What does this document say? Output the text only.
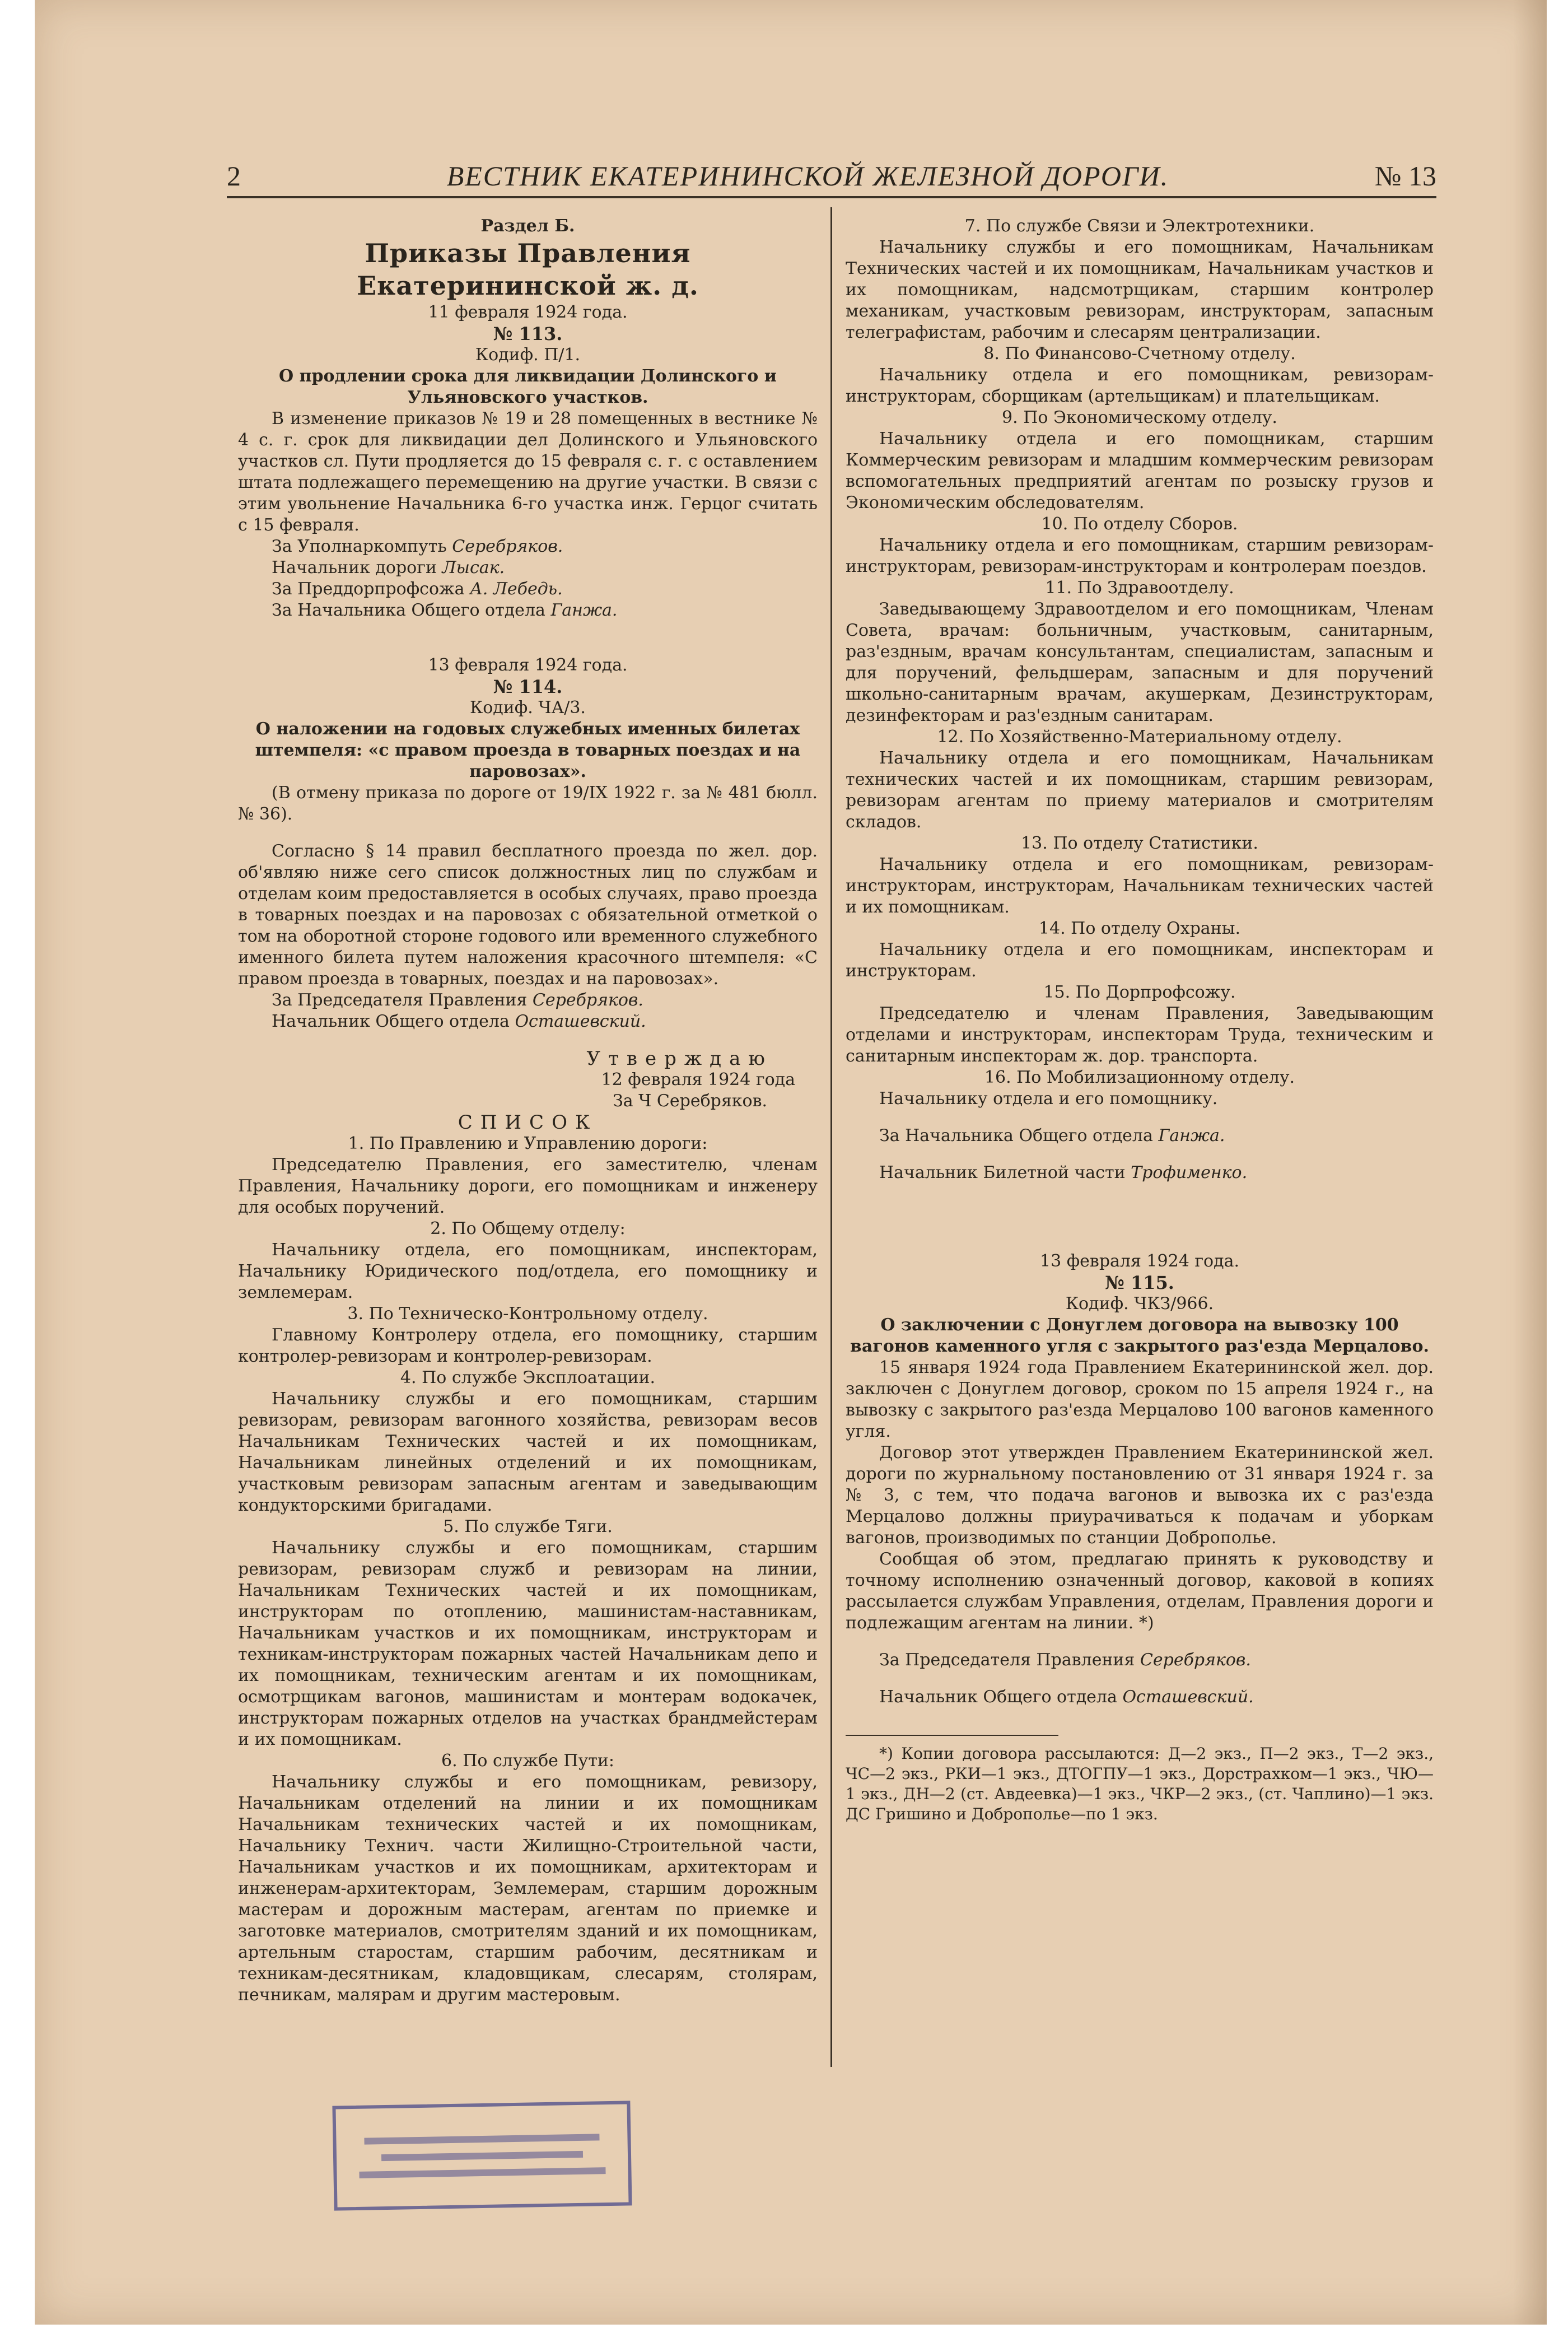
2	ВЕСТНИК ЕКАТЕРИНИНСКОЙ ЖЕЛЕЗНОЙ ДОРОГИ.	№ 13

Раздел Б.

Приказы Правления Екатерининской ж. д.

11 февраля 1924 года.

№ 113.

Кодиф. П/1.

О продлении срока для ликвидации Долинского и Ульяновского участков.

В изменение приказов № 19 и 28 помещенных в вестнике № 4 с. г. срок для ликвидации дел Долинского и Ульяновского участков сл. Пути продляется до 15 февраля с. г. с оставлением штата подлежащего перемещению на другие участки. В связи с этим увольнение Начальника 6-го участка инж. Герцог считать с 15 февраля.

За Уполнаркомпуть Серебряков.

Начальник дороги Лысак.

За Преддорпрофсожа А. Лебедь.

За Начальника Общего отдела Ганжа.

13 февраля 1924 года.

№ 114.

Кодиф. ЧА/3.

О наложении на годовых служебных именных билетах штемпеля: «с правом проезда в товарных поездах и на паровозах».

(В отмену приказа по дороге от 19/IX 1922 г. за № 481 бюлл. № 36).

Согласно § 14 правил бесплатного проезда по жел. дор. об'являю ниже сего список должностных лиц по службам и отделам коим предоставляется в особых случаях, право проезда в товарных поездах и на паровозах с обязательной отметкой о том на оборотной стороне годового или временного служебного именного билета путем наложения красочного штемпеля: «С правом проезда в товарных, поездах и на паровозах».

За Председателя Правления Серебряков.

Начальник Общего отдела Осташевский.

Утверждаю

12 февраля 1924 года

За Ч Серебряков.

СПИСОК

1. По Правлению и Управлению дороги:

Председателю Правления, его заместителю, членам Правления, Начальнику дороги, его помощникам и инженеру для особых поручений.

2. По Общему отделу:

Начальнику отдела, его помощникам, инспекторам, Начальнику Юридического под/отдела, его помощнику и землемерам.

3. По Техническо-Контрольному отделу.

Главному Контролеру отдела, его помощнику, старшим контролер-ревизорам и контролер-ревизорам.

4. По службе Эксплоатации.

Начальнику службы и его помощникам, старшим ревизорам, ревизорам вагонного хозяйства, ревизорам весов Начальникам Технических частей и их помощникам, Начальникам линейных отделений и их помощникам, участковым ревизорам запасным агентам и заведывающим кондукторскими бригадами.

5. По службе Тяги.

Начальнику службы и его помощникам, старшим ревизорам, ревизорам служб и ревизорам на линии, Начальникам Технических частей и их помощникам, инструкторам по отоплению, машинистам-наставникам, Начальникам участков и их помощникам, инструкторам и техникам-инструкторам пожарных частей Начальникам депо и их помощникам, техническим агентам и их помощникам, осмотрщикам вагонов, машинистам и монтерам водокачек, инструкторам пожарных отделов на участках брандмейстерам и их помощникам.

6. По службе Пути:

Начальнику службы и его помощникам, ревизору, Начальникам отделений на линии и их помощникам Начальникам технических частей и их помощникам, Начальнику Технич. части Жилищно-Строительной части, Начальникам участков и их помощникам, архитекторам и инженерам-архитекторам, Землемерам, старшим дорожным мастерам и дорожным мастерам, агентам по приемке и заготовке материалов, смотрителям зданий и их помощникам, артельным старостам, старшим рабочим, десятникам и техникам-десятникам, кладовщикам, слесарям, столярам, печникам, малярам и другим мастеровым.

7. По службе Связи и Электротехники.

Начальнику службы и его помощникам, Начальникам Технических частей и их помощникам, Начальникам участков и их помощникам, надсмотрщикам, старшим контролер механикам, участковым ревизорам, инструкторам, запасным телеграфистам, рабочим и слесарям централизации.

8. По Финансово-Счетному отделу.

Начальнику отдела и его помощникам, ревизорам-инструкторам, сборщикам (артельщикам) и плательщикам.

9. По Экономическому отделу.

Начальнику отдела и его помощникам, старшим Коммерческим ревизорам и младшим коммерческим ревизорам вспомогательных предприятий агентам по розыску грузов и Экономическим обследователям.

10. По отделу Сборов.

Начальнику отдела и его помощникам, старшим ревизорам-инструкторам, ревизорам-инструкторам и контролерам поездов.

11. По Здравоотделу.

Заведывающему Здравоотделом и его помощникам, Членам Совета, врачам: больничным, участковым, санитарным, раз'ездным, врачам консультантам, специалистам, запасным и для поручений, фельдшерам, запасным и для поручений школьно-санитарным врачам, акушеркам, Дезинструкторам, дезинфекторам и раз'ездным санитарам.

12. По Хозяйственно-Материальному отделу.

Начальнику отдела и его помощникам, Начальникам технических частей и их помощникам, старшим ревизорам, ревизорам агентам по приему материалов и смотрителям складов.

13. По отделу Статистики.

Начальнику отдела и его помощникам, ревизорам-инструкторам, инструкторам, Начальникам технических частей и их помощникам.

14. По отделу Охраны.

Начальнику отдела и его помощникам, инспекторам и инструкторам.

15. По Дорпрофсожу.

Председателю и членам Правления, Заведывающим отделами и инструкторам, инспекторам Труда, техническим и санитарным инспекторам ж. дор. транспорта.

16. По Мобилизационному отделу.

Начальнику отдела и его помощнику.

За Начальника Общего отдела Ганжа.

Начальник Билетной части Трофименко.

13 февраля 1924 года.

№ 115.

Кодиф. ЧКЗ/966.

О заключении с Донуглем договора на вывозку 100 вагонов каменного угля с закрытого раз'езда Мерцалово.

15 января 1924 года Правлением Екатерининской жел. дор. заключен с Донуглем договор, сроком по 15 апреля 1924 г., на вывозку с закрытого раз'езда Мерцалово 100 вагонов каменного угля.

Договор этот утвержден Правлением Екатерининской жел. дороги по журнальному постановлению от 31 января 1924 г. за № 3, с тем, что подача вагонов и вывозка их с раз'езда Мерцалово должны приурачиваться к подачам и уборкам вагонов, производимых по станции Доброполье.

Сообщая об этом, предлагаю принять к руководству и точному исполнению означенный договор, каковой в копиях рассылается службам Управления, отделам, Правления дороги и подлежащим агентам на линии. *)

За Председателя Правления Серебряков.

Начальник Общего отдела Осташевский.

*) Копии договора рассылаются: Д—2 экз., П—2 экз., Т—2 экз., ЧС—2 экз., РКИ—1 экз., ДТОГПУ—1 экз., Дорстрахком—1 экз., ЧЮ—1 экз., ДН—2 (ст. Авдеевка)—1 экз., ЧКР—2 экз., (ст. Чаплино)—1 экз. ДС Гришино и Доброполье—по 1 экз.
